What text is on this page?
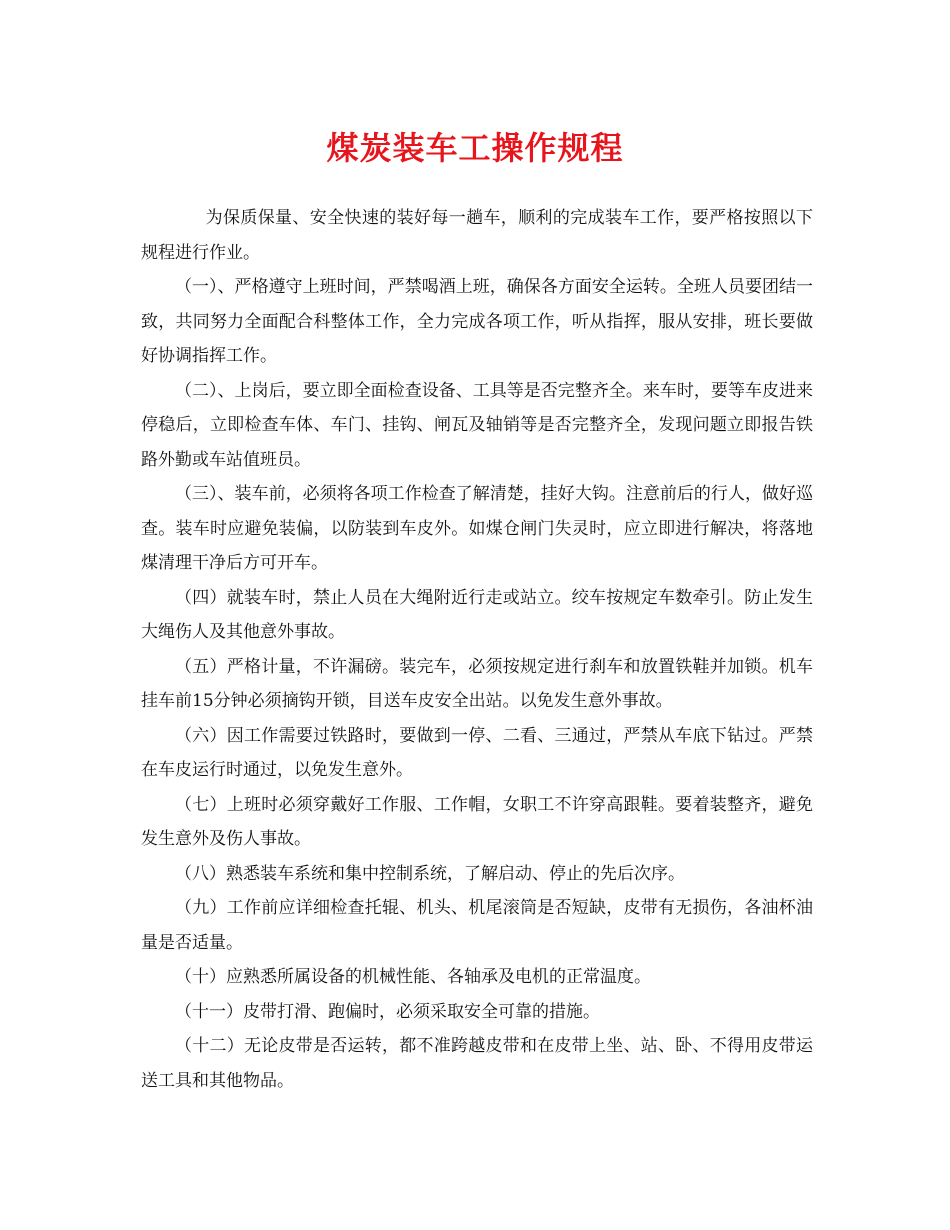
煤炭装车工操作规程

为保质保量、安全快速的装好每一趟车，顺利的完成装车工作，要严格按照以下规程进行作业。

（一）、严格遵守上班时间，严禁喝酒上班，确保各方面安全运转。全班人员要团结一致，共同努力全面配合科整体工作，全力完成各项工作，听从指挥，服从安排，班长要做好协调指挥工作。

（二）、上岗后，要立即全面检查设备、工具等是否完整齐全。来车时，要等车皮进来停稳后，立即检查车体、车门、挂钩、闸瓦及轴销等是否完整齐全，发现问题立即报告铁路外勤或车站值班员。

（三）、装车前，必须将各项工作检查了解清楚，挂好大钩。注意前后的行人，做好巡查。装车时应避免装偏，以防装到车皮外。如煤仓闸门失灵时，应立即进行解决，将落地煤清理干净后方可开车。

（四）就装车时，禁止人员在大绳附近行走或站立。绞车按规定车数牵引。防止发生大绳伤人及其他意外事故。

（五）严格计量，不许漏磅。装完车，必须按规定进行刹车和放置铁鞋并加锁。机车挂车前15分钟必须摘钩开锁，目送车皮安全出站。以免发生意外事故。

（六）因工作需要过铁路时，要做到一停、二看、三通过，严禁从车底下钻过。严禁在车皮运行时通过，以免发生意外。

（七）上班时必须穿戴好工作服、工作帽，女职工不许穿高跟鞋。要着装整齐，避免发生意外及伤人事故。

（八）熟悉装车系统和集中控制系统，了解启动、停止的先后次序。

（九）工作前应详细检查托辊、机头、机尾滚筒是否短缺，皮带有无损伤，各油杯油量是否适量。

（十）应熟悉所属设备的机械性能、各轴承及电机的正常温度。

（十一）皮带打滑、跑偏时，必须采取安全可靠的措施。

（十二）无论皮带是否运转，都不准跨越皮带和在皮带上坐、站、卧、不得用皮带运送工具和其他物品。
